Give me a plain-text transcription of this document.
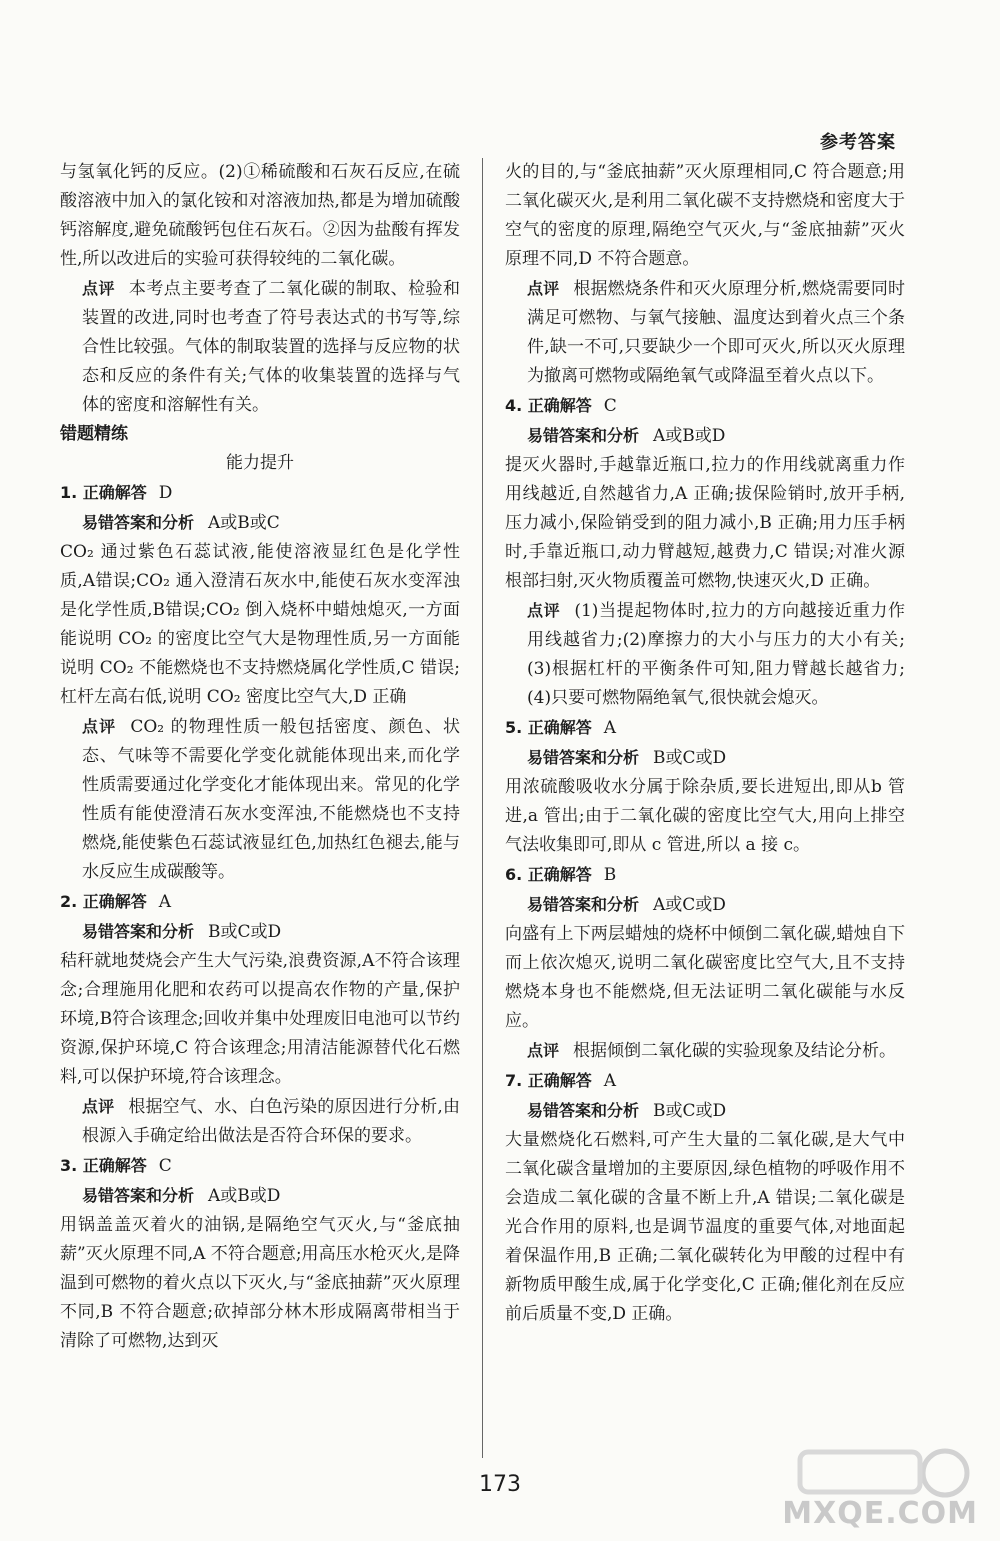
参考答案

与氢氧化钙的反应。(2)①稀硫酸和石灰石反应,在硫酸溶液中加入的氯化铵和对溶液加热,都是为增加硫酸钙溶解度,避免硫酸钙包住石灰石。②因为盐酸有挥发性,所以改进后的实验可获得较纯的二氧化碳。

点评 本考点主要考查了二氧化碳的制取、检验和装置的改进,同时也考查了符号表达式的书写等,综合性比较强。气体的制取装置的选择与反应物的状态和反应的条件有关;气体的收集装置的选择与气体的密度和溶解性有关。

错题精练

能力提升

1. 正确解答 D

易错答案和分析 A或B或C

CO₂ 通过紫色石蕊试液,能使溶液显红色是化学性质,A错误;CO₂ 通入澄清石灰水中,能使石灰水变浑浊是化学性质,B错误;CO₂ 倒入烧杯中蜡烛熄灭,一方面能说明 CO₂ 的密度比空气大是物理性质,另一方面能说明 CO₂ 不能燃烧也不支持燃烧属化学性质,C 错误;杠杆左高右低,说明 CO₂ 密度比空气大,D 正确

点评 CO₂ 的物理性质一般包括密度、颜色、状态、气味等不需要化学变化就能体现出来,而化学性质需要通过化学变化才能体现出来。常见的化学性质有能使澄清石灰水变浑浊,不能燃烧也不支持燃烧,能使紫色石蕊试液显红色,加热红色褪去,能与水反应生成碳酸等。

2. 正确解答 A

易错答案和分析 B或C或D

秸秆就地焚烧会产生大气污染,浪费资源,A不符合该理念;合理施用化肥和农药可以提高农作物的产量,保护环境,B符合该理念;回收并集中处理废旧电池可以节约资源,保护环境,C 符合该理念;用清洁能源替代化石燃料,可以保护环境,符合该理念。

点评 根据空气、水、白色污染的原因进行分析,由根源入手确定给出做法是否符合环保的要求。

3. 正确解答 C

易错答案和分析 A或B或D

用锅盖盖灭着火的油锅,是隔绝空气灭火,与“釜底抽薪”灭火原理不同,A 不符合题意;用高压水枪灭火,是降温到可燃物的着火点以下灭火,与“釜底抽薪”灭火原理不同,B 不符合题意;砍掉部分林木形成隔离带相当于清除了可燃物,达到灭

火的目的,与“釜底抽薪”灭火原理相同,C 符合题意;用二氧化碳灭火,是利用二氧化碳不支持燃烧和密度大于空气的密度的原理,隔绝空气灭火,与“釜底抽薪”灭火原理不同,D 不符合题意。

点评 根据燃烧条件和灭火原理分析,燃烧需要同时满足可燃物、与氧气接触、温度达到着火点三个条件,缺一不可,只要缺少一个即可灭火,所以灭火原理为撤离可燃物或隔绝氧气或降温至着火点以下。

4. 正确解答 C

易错答案和分析 A或B或D

提灭火器时,手越靠近瓶口,拉力的作用线就离重力作用线越近,自然越省力,A 正确;拔保险销时,放开手柄,压力减小,保险销受到的阻力减小,B 正确;用力压手柄时,手靠近瓶口,动力臂越短,越费力,C 错误;对准火源根部扫射,灭火物质覆盖可燃物,快速灭火,D 正确。

点评 (1)当提起物体时,拉力的方向越接近重力作用线越省力;(2)摩擦力的大小与压力的大小有关;(3)根据杠杆的平衡条件可知,阻力臂越长越省力;(4)只要可燃物隔绝氧气,很快就会熄灭。

5. 正确解答 A

易错答案和分析 B或C或D

用浓硫酸吸收水分属于除杂质,要长进短出,即从b 管进,a 管出;由于二氧化碳的密度比空气大,用向上排空气法收集即可,即从 c 管进,所以 a 接 c。

6. 正确解答 B

易错答案和分析 A或C或D

向盛有上下两层蜡烛的烧杯中倾倒二氧化碳,蜡烛自下而上依次熄灭,说明二氧化碳密度比空气大,且不支持燃烧本身也不能燃烧,但无法证明二氧化碳能与水反应。

点评 根据倾倒二氧化碳的实验现象及结论分析。

7. 正确解答 A

易错答案和分析 B或C或D

大量燃烧化石燃料,可产生大量的二氧化碳,是大气中二氧化碳含量增加的主要原因,绿色植物的呼吸作用不会造成二氧化碳的含量不断上升,A 错误;二氧化碳是光合作用的原料,也是调节温度的重要气体,对地面起着保温作用,B 正确;二氧化碳转化为甲酸的过程中有新物质甲酸生成,属于化学变化,C 正确;催化剂在反应前后质量不变,D 正确。

173
MXQE.COM
